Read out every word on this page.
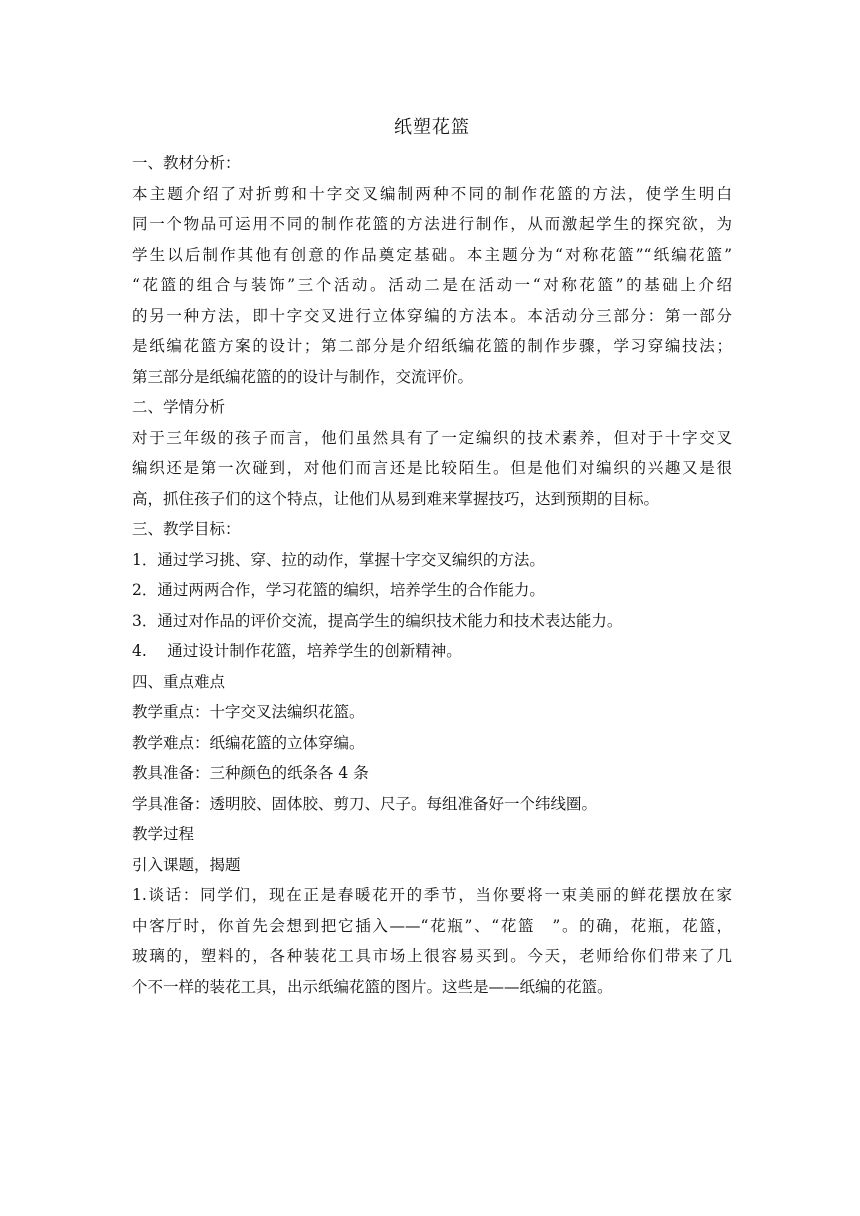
纸塑花篮
一、教材分析：
本主题介绍了对折剪和十字交叉编制两种不同的制作花篮的方法，使学生明白
同一个物品可运用不同的制作花篮的方法进行制作，从而激起学生的探究欲，为
学生以后制作其他有创意的作品奠定基础。本主题分为“对称花篮”“纸编花篮”
“花篮的组合与装饰”三个活动。活动二是在活动一“对称花篮”的基础上介绍
的另一种方法，即十字交叉进行立体穿编的方法本。本活动分三部分：第一部分
是纸编花篮方案的设计；第二部分是介绍纸编花篮的制作步骤，学习穿编技法；
第三部分是纸编花篮的的设计与制作，交流评价。
二、学情分析
对于三年级的孩子而言，他们虽然具有了一定编织的技术素养，但对于十字交叉
编织还是第一次碰到，对他们而言还是比较陌生。但是他们对编织的兴趣又是很
高，抓住孩子们的这个特点，让他们从易到难来掌握技巧，达到预期的目标。
三、教学目标：
1．通过学习挑、穿、拉的动作，掌握十字交叉编织的方法。
2．通过两两合作，学习花篮的编织，培养学生的合作能力。
3．通过对作品的评价交流，提高学生的编织技术能力和技术表达能力。
4.　 通过设计制作花篮，培养学生的创新精神。
四、重点难点
教学重点：十字交叉法编织花篮。
教学难点：纸编花篮的立体穿编。
教具准备：三种颜色的纸条各 4 条
学具准备：透明胶、固体胶、剪刀、尺子。每组准备好一个纬线圈。
教学过程
引入课题，揭题
1.谈话：同学们，现在正是春暖花开的季节，当你要将一束美丽的鲜花摆放在家
中客厅时，你首先会想到把它插入——“花瓶”、“花篮　”。的确，花瓶，花篮，
玻璃的，塑料的，各种装花工具市场上很容易买到。今天，老师给你们带来了几
个不一样的装花工具，出示纸编花篮的图片。这些是——纸编的花篮。
